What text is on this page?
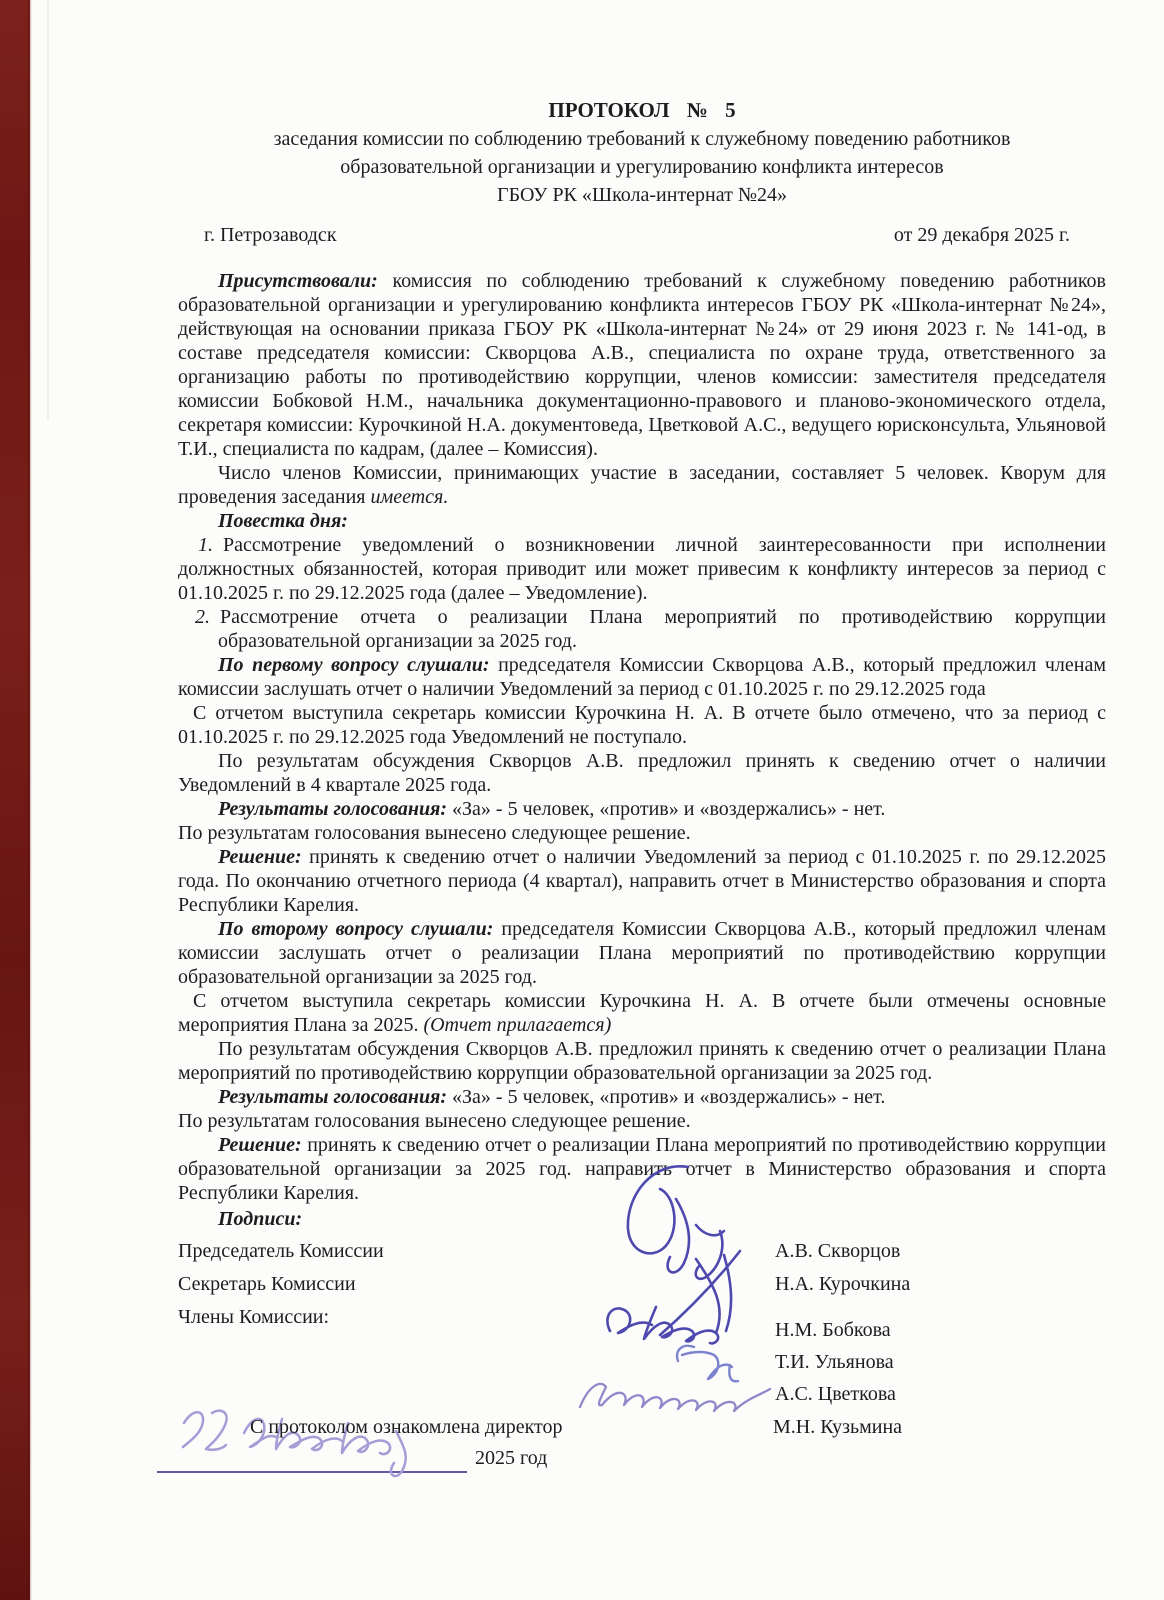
ПРОТОКОЛ № 5
заседания комиссии по соблюдению требований к служебному поведению работников
образовательной организации и урегулированию конфликта интересов
ГБОУ РК «Школа-интернат №24»
г. Петрозаводск	от 29 декабря 2025 г.

Присутствовали: комиссия по соблюдению требований к служебному поведению работников образовательной организации и урегулированию конфликта интересов ГБОУ РК «Школа-интернат №24», действующая на основании приказа ГБОУ РК «Школа-интернат №24» от 29 июня 2023 г. № 141-од, в составе председателя комиссии: Скворцова А.В., специалиста по охране труда, ответственного за организацию работы по противодействию коррупции, членов комиссии: заместителя председателя комиссии Бобковой Н.М., начальника документационно-правового и планово-экономического отдела, секретаря комиссии: Курочкиной Н.А. документоведа, Цветковой А.С., ведущего юрисконсульта, Ульяновой Т.И., специалиста по кадрам, (далее – Комиссия).

Число членов Комиссии, принимающих участие в заседании, составляет 5 человек. Кворум для проведения заседания имеется.

Повестка дня:

1. Рассмотрение уведомлений о возникновении личной заинтересованности при исполнении должностных обязанностей, которая приводит или может привесим к конфликту интересов за период с 01.10.2025 г. по 29.12.2025 года (далее – Уведомление).

2. Рассмотрение отчета о реализации Плана мероприятий по противодействию коррупции образовательной организации за 2025 год.

По первому вопросу слушали: председателя Комиссии Скворцова А.В., который предложил членам комиссии заслушать отчет о наличии Уведомлений за период с 01.10.2025 г. по 29.12.2025 года

С отчетом выступила секретарь комиссии Курочкина Н. А. В отчете было отмечено, что за период с 01.10.2025 г. по 29.12.2025 года Уведомлений не поступало.

По результатам обсуждения Скворцов А.В. предложил принять к сведению отчет о наличии Уведомлений в 4 квартале 2025 года.

Результаты голосования: «За» - 5 человек, «против» и «воздержались» - нет.

По результатам голосования вынесено следующее решение.

Решение: принять к сведению отчет о наличии Уведомлений за период с 01.10.2025 г. по 29.12.2025 года. По окончанию отчетного периода (4 квартал), направить отчет в Министерство образования и спорта Республики Карелия.

По второму вопросу слушали: председателя Комиссии Скворцова А.В., который предложил членам комиссии заслушать отчет о реализации Плана мероприятий по противодействию коррупции образовательной организации за 2025 год.

С отчетом выступила секретарь комиссии Курочкина Н. А. В отчете были отмечены основные мероприятия Плана за 2025. (Отчет прилагается)

По результатам обсуждения Скворцов А.В. предложил принять к сведению отчет о реализации Плана мероприятий по противодействию коррупции образовательной организации за 2025 год.

Результаты голосования: «За» - 5 человек, «против» и «воздержались» - нет.

По результатам голосования вынесено следующее решение.

Решение: принять к сведению отчет о реализации Плана мероприятий по противодействию коррупции образовательной организации за 2025 год. направить отчет в Министерство образования и спорта Республики Карелия.

Подписи:

Председатель Комиссии
Секретарь Комиссии
Члены Комиссии:
А.В. Скворцов
Н.А. Курочкина
Н.М. Бобкова
Т.И. Ульянова
А.С. Цветкова
С протоколом ознакомлена директор	М.Н. Кузьмина
2025 год
